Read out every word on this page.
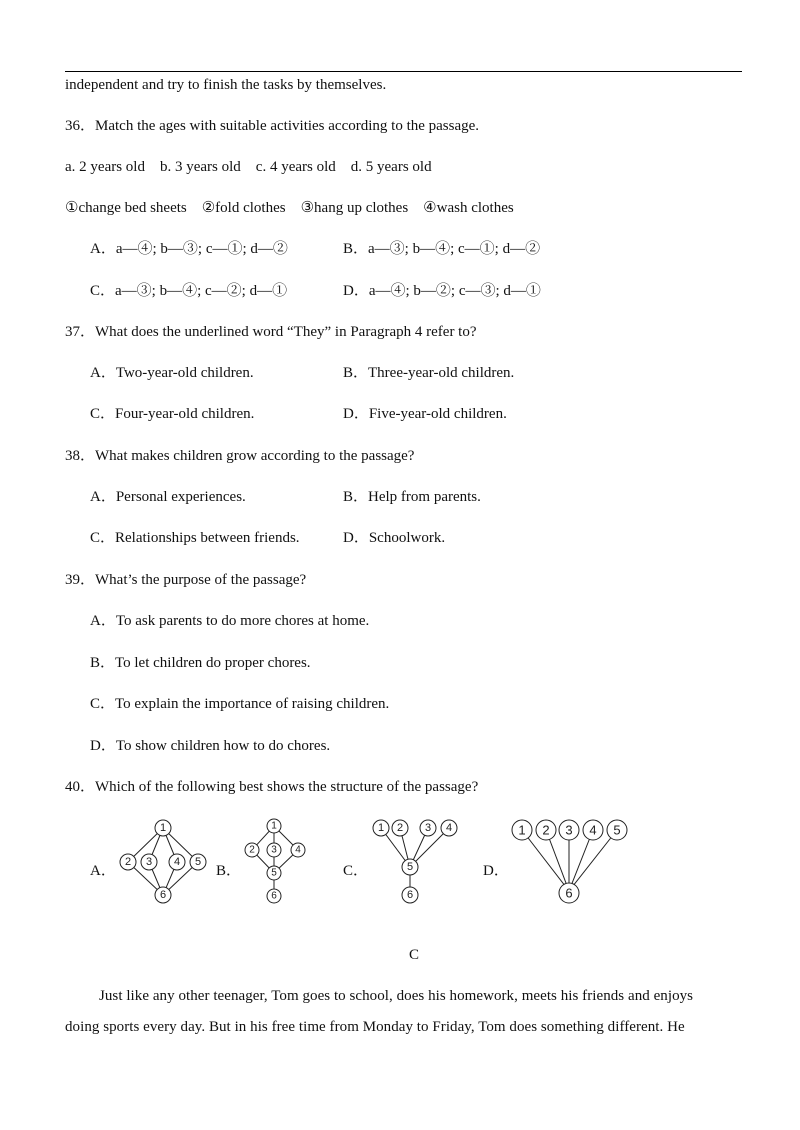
independent and try to finish the tasks by themselves.
36．Match the ages with suitable activities according to the passage.
a. 2 years old　b. 3 years old　c. 4 years old　d. 5 years old
①change bed sheets　②fold clothes　③hang up clothes　④wash clothes
A．a—④; b—③; c—①; d—②	B．a—③; b—④; c—①; d—②
C．a—③; b—④; c—②; d—①	D．a—④; b—②; c—③; d—①
37．What does the underlined word “They” in Paragraph 4 refer to?
A．Two-year-old children.	B．Three-year-old children.
C．Four-year-old children.	D．Five-year-old children.
38．What makes children grow according to the passage?
A．Personal experiences.	B．Help from parents.
C．Relationships between friends.	D．Schoolwork.
39．What’s the purpose of the passage?
A．To ask parents to do more chores at home.
B．To let children do proper chores.
C．To explain the importance of raising children.
D．To show children how to do chores.
40．Which of the following best shows the structure of the passage?
A．	B．	C．	D．
1
2 3 4 5
6
1
2 3 4
5
6
1 2 3 4
5
6
1 2 3 4 5
6
C
Just like any other teenager, Tom goes to school, does his homework, meets his friends and enjoys
doing sports every day. But in his free time from Monday to Friday, Tom does something different. He
